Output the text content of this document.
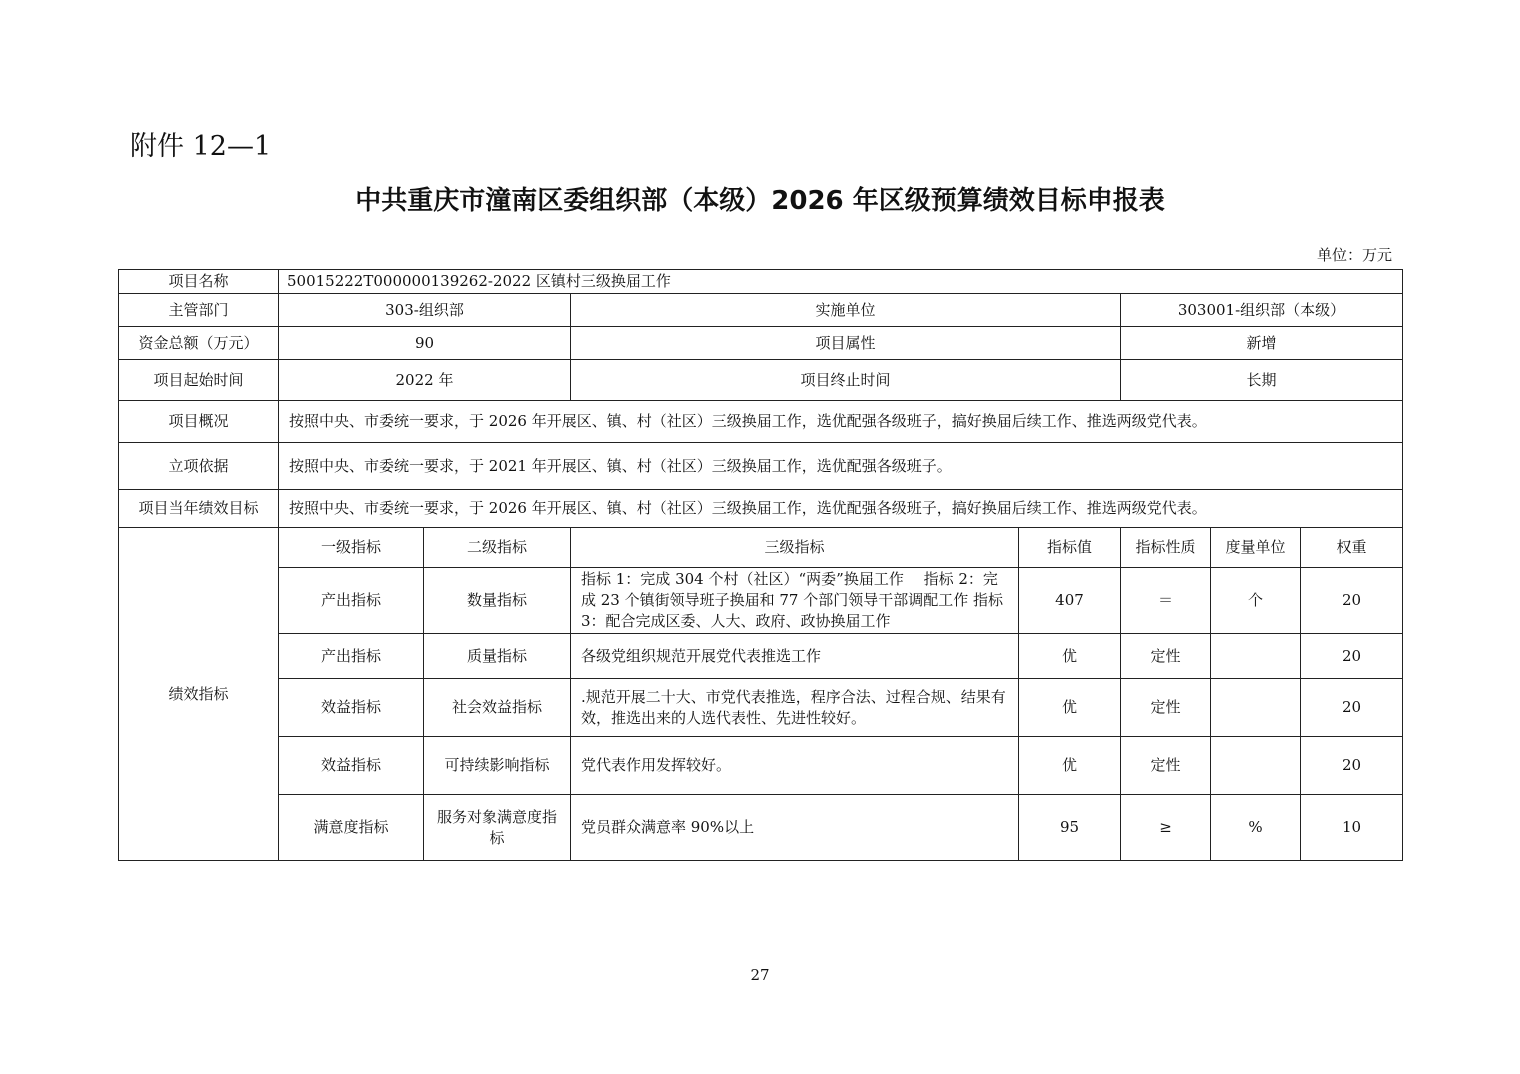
附件 12—1
中共重庆市潼南区委组织部（本级）2026 年区级预算绩效目标申报表
单位：万元
项目名称	50015222T000000139262-2022 区镇村三级换届工作						
主管部门	303-组织部		实施单位		303001-组织部（本级）		
资金总额（万元）	90		项目属性		新增		
项目起始时间	2022 年		项目终止时间		长期		
项目概况	按照中央、市委统一要求，于 2026 年开展区、镇、村（社区）三级换届工作，选优配强各级班子，搞好换届后续工作、推选两级党代表。						
立项依据	按照中央、市委统一要求，于 2021 年开展区、镇、村（社区）三级换届工作，选优配强各级班子。						
项目当年绩效目标	按照中央、市委统一要求，于 2026 年开展区、镇、村（社区）三级换届工作，选优配强各级班子，搞好换届后续工作、推选两级党代表。						
绩效指标	一级指标	二级指标	三级指标	指标值	指标性质	度量单位	权重
	产出指标	数量指标	指标 1：完成 304 个村（社区）“两委”换届工作　 指标 2：完成 23 个镇街领导班子换届和 77 个部门领导干部调配工作 指标 3：配合完成区委、人大、政府、政协换届工作	407	＝	个	20
	产出指标	质量指标	各级党组织规范开展党代表推选工作	优	定性		20
	效益指标	社会效益指标	.规范开展二十大、市党代表推选，程序合法、过程合规、结果有效，推选出来的人选代表性、先进性较好。	优	定性		20
	效益指标	可持续影响指标	党代表作用发挥较好。	优	定性		20
	满意度指标	服务对象满意度指标	党员群众满意率 90%以上	95	≥	%	10
27
